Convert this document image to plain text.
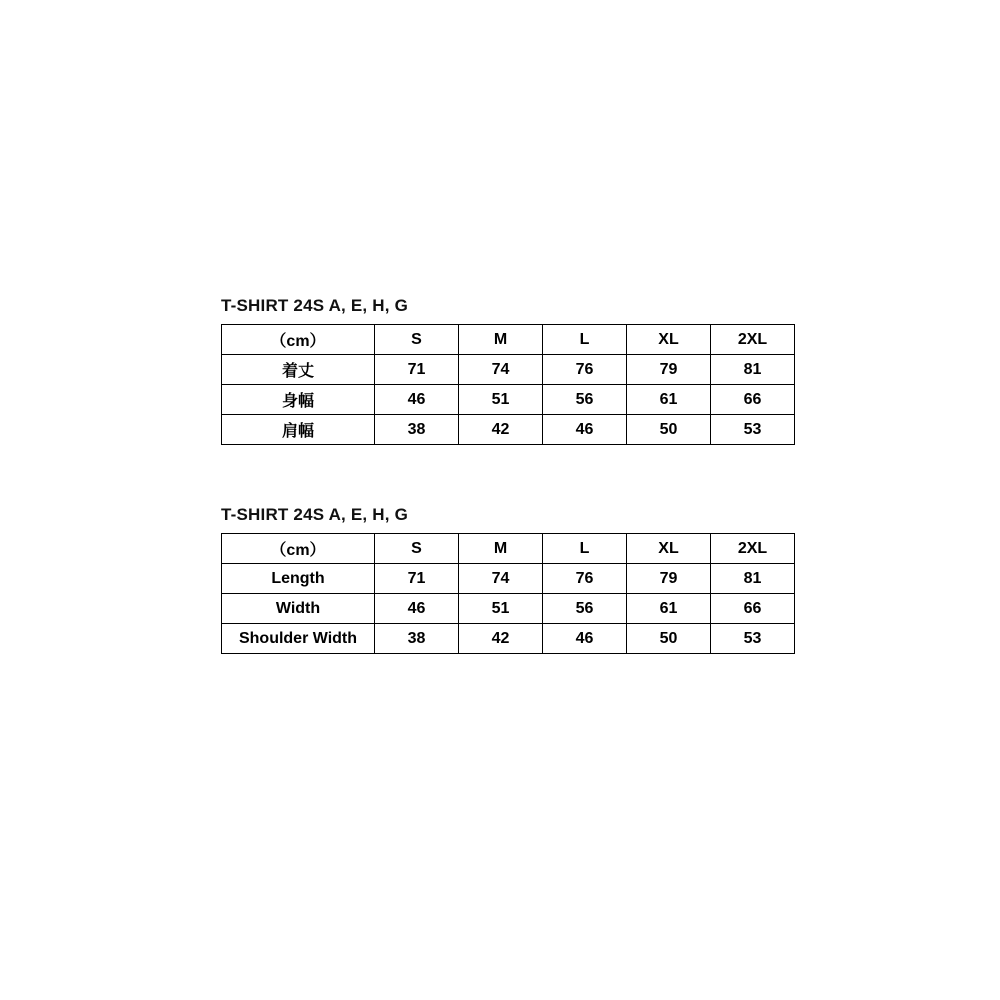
T-SHIRT 24S A, E, H, G
（cm）	S	M	L	XL	2XL
着丈	71	74	76	79	81
身幅	46	51	56	61	66
肩幅	38	42	46	50	53
T-SHIRT 24S A, E, H, G
（cm）	S	M	L	XL	2XL
Length	71	74	76	79	81
Width	46	51	56	61	66
Shoulder Width	38	42	46	50	53
